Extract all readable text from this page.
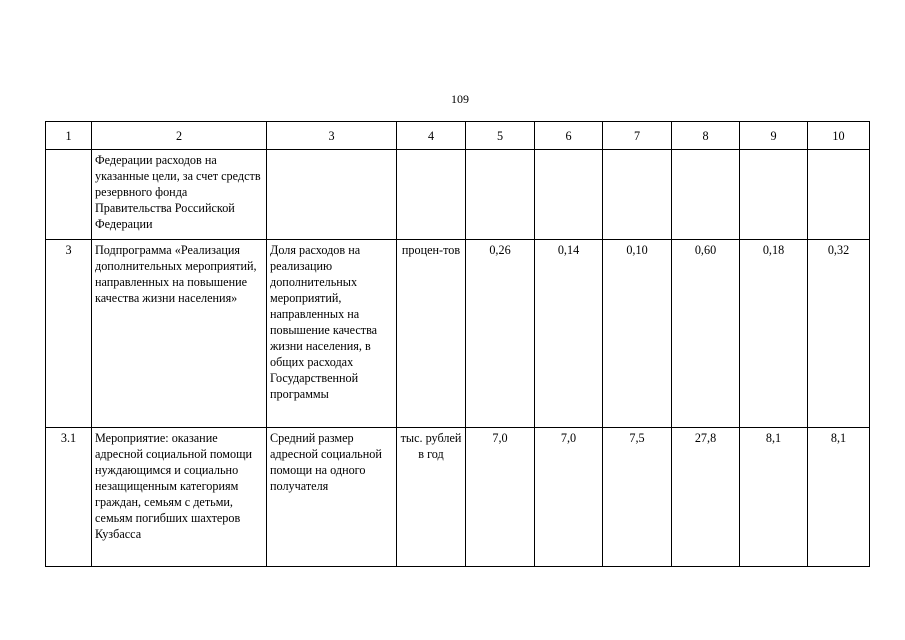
109
1	2	3	4	5	6	7	8	9	10
	Федерации расходов на указанные цели, за счет средств резервного фонда Правительства Российской Федерации								
3	Подпрограмма «Реализация дополнительных мероприятий, направленных на повышение качества жизни населения»	Доля расходов на реализацию дополнительных мероприятий, направленных на повышение качества жизни населения, в общих расходах Государственной программы	процен-тов	0,26	0,14	0,10	0,60	0,18	0,32
3.1	Мероприятие: оказание адресной социальной помощи нуждающимся и социально незащищенным категориям граждан, семьям с детьми, семьям погибших шахтеров Кузбасса	Средний размер адресной социальной помощи на одного получателя	тыс. рублей в год	7,0	7,0	7,5	27,8	8,1	8,1
